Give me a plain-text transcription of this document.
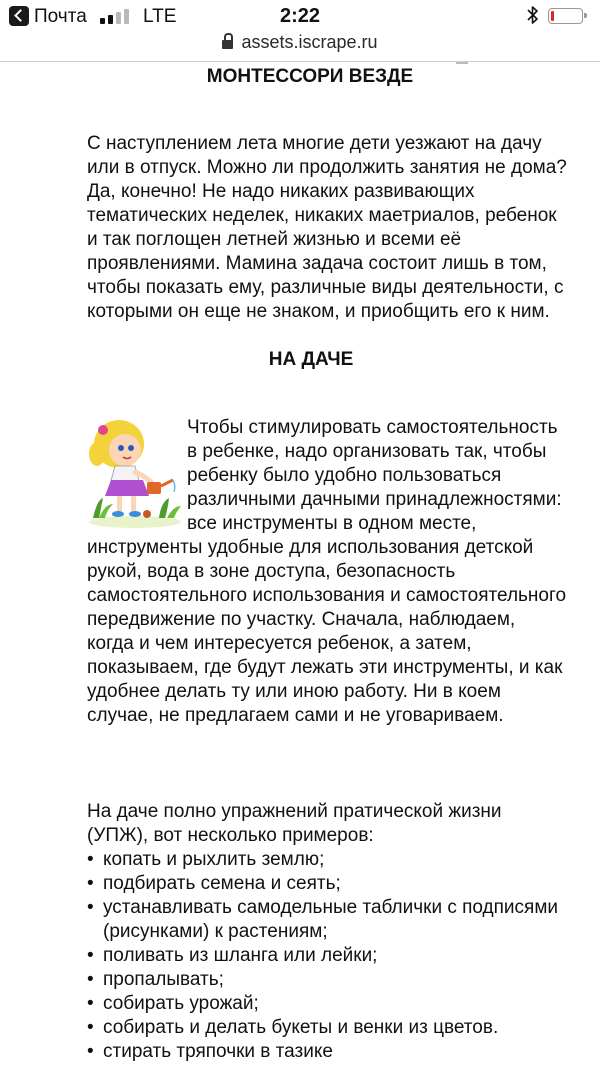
Почта	LTE	2:22
assets.iscrape.ru
МОНТЕССОРИ ВЕЗДЕ

С наступлением лета многие дети уезжают на дачу или в отпуск. Можно ли продолжить занятия не дома? Да, конечно! Не надо никаких развивающих тематических неделек, никаких маетриалов, ребенок и так поглощен летней жизнью и всеми её проявлениями. Мамина задача состоит лишь в том, чтобы показать ему, различные виды деятельности, с которыми он еще не знаком, и приобщить его к ним.

НА ДАЧЕ

Чтобы стимулировать самостоятельность в ребенке, надо организовать так, чтобы ребенку было удобно пользоваться различными дачными принадлежностями: все инструменты в одном месте, инструменты удобные для использования детской рукой, вода в зоне доступа, безопасность самостоятельного использования и самостоятельного передвижение по участку. Сначала, наблюдаем, когда и чем интересуется ребенок, а затем, показываем, где будут лежать эти инструменты, и как удобнее делать ту или иною работу. Ни в коем случае, не предлагаем сами и не уговариваем.

На даче полно упражнений пратической жизни (УПЖ), вот несколько примеров:

• копать и рыхлить землю;
• подбирать семена и сеять;
• устанавливать самодельные таблички с подписями (рисунками) к растениям;
• поливать из шланга или лейки;
• пропалывать;
• собирать урожай;
• собирать и делать букеты и венки из цветов.
• стирать тряпочки в тазике
